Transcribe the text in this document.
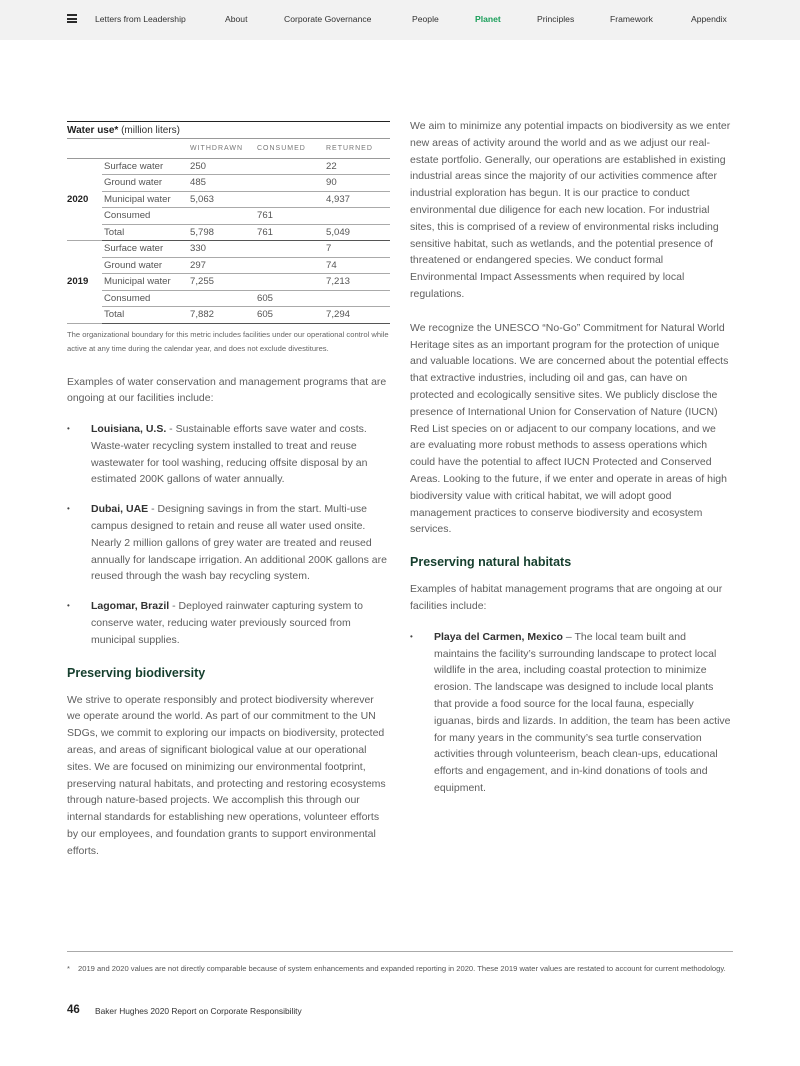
Letters from Leadership	About	Corporate Governance	People	Planet	Principles	Framework	Appendix
Water use* (million liters)
		WITHDRAWN	CONSUMED	RETURNED
2020	Surface water	250		22
	Ground water	485		90
	Municipal water	5,063		4,937
	Consumed		761	
	Total	5,798	761	5,049
2019	Surface water	330		7
	Ground water	297		74
	Municipal water	7,255		7,213
	Consumed		605	
	Total	7,882	605	7,294

The organizational boundary for this metric includes facilities under our operational control while active at any time during the calendar year, and does not exclude divestitures.

Examples of water conservation and management programs that are ongoing at our facilities include:

• Louisiana, U.S. - Sustainable efforts save water and costs. Waste-water recycling system installed to treat and reuse wastewater for tool washing, reducing offsite disposal by an estimated 200K gallons of water annually.
• Dubai, UAE - Designing savings in from the start. Multi-use campus designed to retain and reuse all water used onsite. Nearly 2 million gallons of grey water are treated and reused annually for landscape irrigation. An additional 200K gallons are reused through the wash bay recycling system.
• Lagomar, Brazil - Deployed rainwater capturing system to conserve water, reducing water previously sourced from municipal supplies.
Preserving biodiversity

We strive to operate responsibly and protect biodiversity wherever we operate around the world. As part of our commitment to the UN SDGs, we commit to exploring our impacts on biodiversity, protected areas, and areas of significant biological value at our operational sites. We are focused on minimizing our environmental footprint, preserving natural habitats, and protecting and restoring ecosystems through nature-based projects. We accomplish this through our internal standards for establishing new operations, volunteer efforts by our employees, and foundation grants to support environmental efforts.

We aim to minimize any potential impacts on biodiversity as we enter new areas of activity around the world and as we adjust our real-estate portfolio. Generally, our operations are established in existing industrial areas since the majority of our activities commence after industrial exploration has begun. It is our practice to conduct environmental due diligence for each new location. For industrial sites, this is comprised of a review of environmental risks including sensitive habitat, such as wetlands, and the potential presence of threatened or endangered species. We conduct formal Environmental Impact Assessments when required by local regulations.

We recognize the UNESCO “No-Go” Commitment for Natural World Heritage sites as an important program for the protection of unique and valuable locations. We are concerned about the potential effects that extractive industries, including oil and gas, can have on protected and ecologically sensitive sites. We publicly disclose the presence of International Union for Conservation of Nature (IUCN) Red List species on or adjacent to our company locations, and we are evaluating more robust methods to assess operations which could have the potential to affect IUCN Protected and Conserved Areas. Looking to the future, if we enter and operate in areas of high biodiversity value with critical habitat, we will adopt good management practices to conserve biodiversity and ecosystem services.

Preserving natural habitats

Examples of habitat management programs that are ongoing at our facilities include:

• Playa del Carmen, Mexico – The local team built and maintains the facility’s surrounding landscape to protect local wildlife in the area, including coastal protection to minimize erosion. The landscape was designed to include local plants that provide a food source for the local fauna, especially iguanas, birds and lizards. In addition, the team has been active for many years in the community’s sea turtle conservation activities through volunteerism, beach clean-ups, educational efforts and engagement, and in-kind donations of tools and equipment.
* 2019 and 2020 values are not directly comparable because of system enhancements and expanded reporting in 2020. These 2019 water values are restated to account for current methodology.
46 Baker Hughes 2020 Report on Corporate Responsibility
